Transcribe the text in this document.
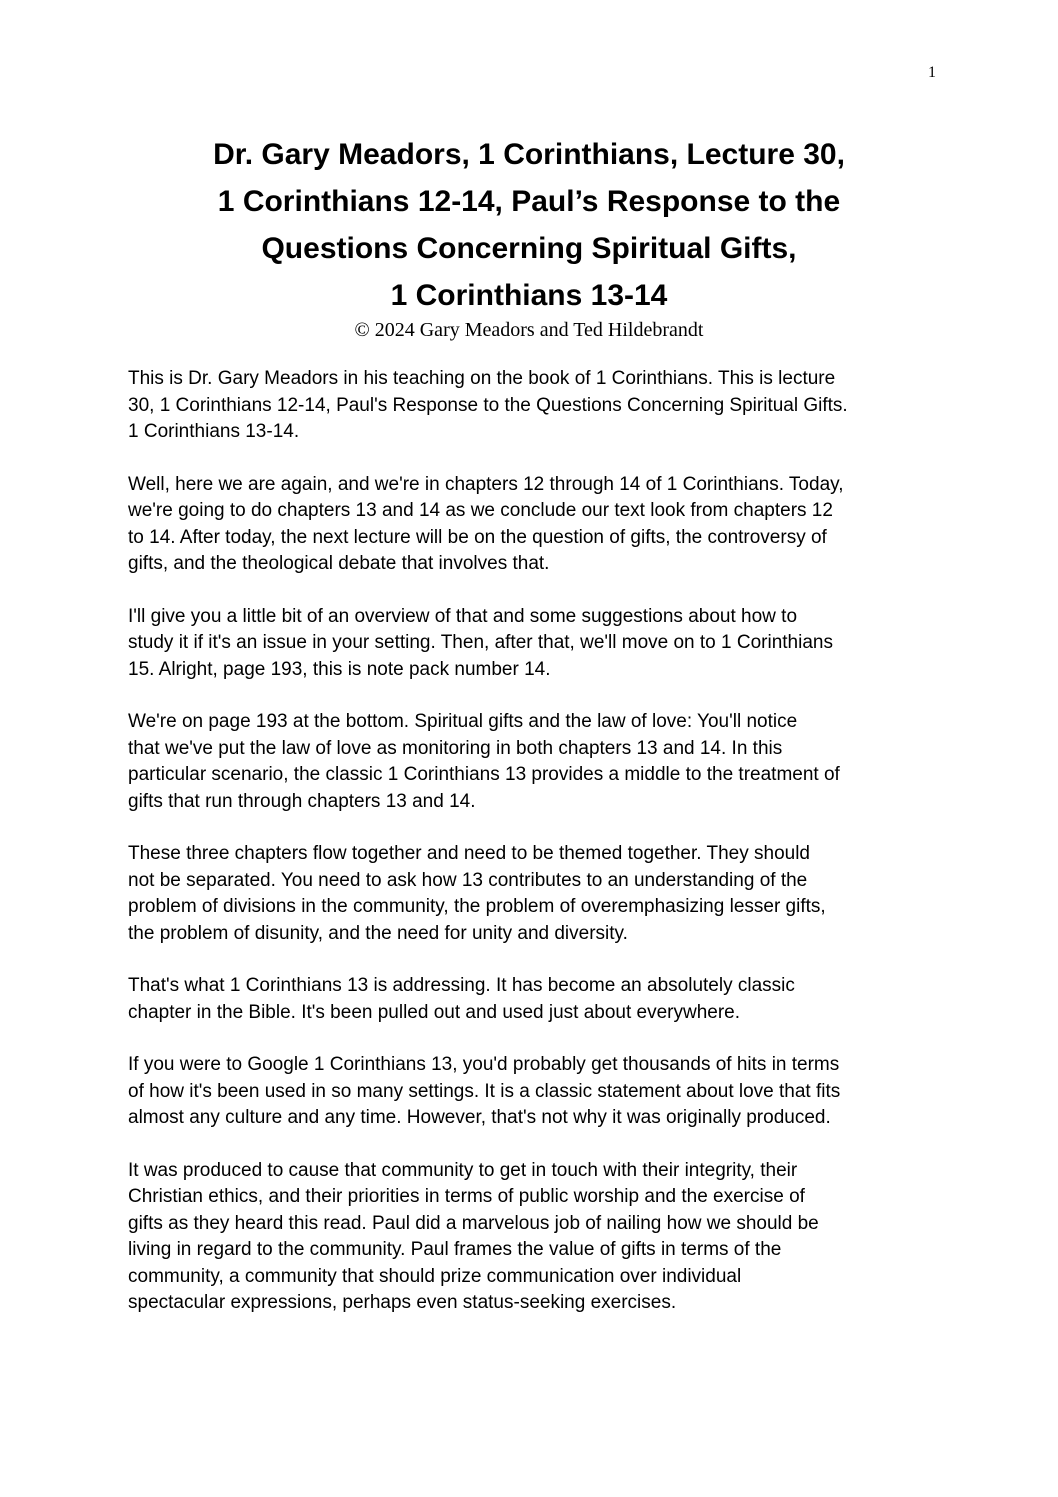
1
Dr. Gary Meadors, 1 Corinthians, Lecture 30,
1 Corinthians 12-14, Paul’s Response to the
Questions Concerning Spiritual Gifts,
1 Corinthians 13-14
© 2024 Gary Meadors and Ted Hildebrandt
This is Dr. Gary Meadors in his teaching on the book of 1 Corinthians. This is lecture
30, 1 Corinthians 12-14, Paul's Response to the Questions Concerning Spiritual Gifts.
1 Corinthians 13-14.
Well, here we are again, and we're in chapters 12 through 14 of 1 Corinthians. Today,
we're going to do chapters 13 and 14 as we conclude our text look from chapters 12
to 14. After today, the next lecture will be on the question of gifts, the controversy of
gifts, and the theological debate that involves that.
I'll give you a little bit of an overview of that and some suggestions about how to
study it if it's an issue in your setting. Then, after that, we'll move on to 1 Corinthians
15. Alright, page 193, this is note pack number 14.
We're on page 193 at the bottom. Spiritual gifts and the law of love: You'll notice
that we've put the law of love as monitoring in both chapters 13 and 14. In this
particular scenario, the classic 1 Corinthians 13 provides a middle to the treatment of
gifts that run through chapters 13 and 14.
These three chapters flow together and need to be themed together. They should
not be separated. You need to ask how 13 contributes to an understanding of the
problem of divisions in the community, the problem of overemphasizing lesser gifts,
the problem of disunity, and the need for unity and diversity.
That's what 1 Corinthians 13 is addressing. It has become an absolutely classic
chapter in the Bible. It's been pulled out and used just about everywhere.
If you were to Google 1 Corinthians 13, you'd probably get thousands of hits in terms
of how it's been used in so many settings. It is a classic statement about love that fits
almost any culture and any time. However, that's not why it was originally produced.
It was produced to cause that community to get in touch with their integrity, their
Christian ethics, and their priorities in terms of public worship and the exercise of
gifts as they heard this read. Paul did a marvelous job of nailing how we should be
living in regard to the community. Paul frames the value of gifts in terms of the
community, a community that should prize communication over individual
spectacular expressions, perhaps even status-seeking exercises.
